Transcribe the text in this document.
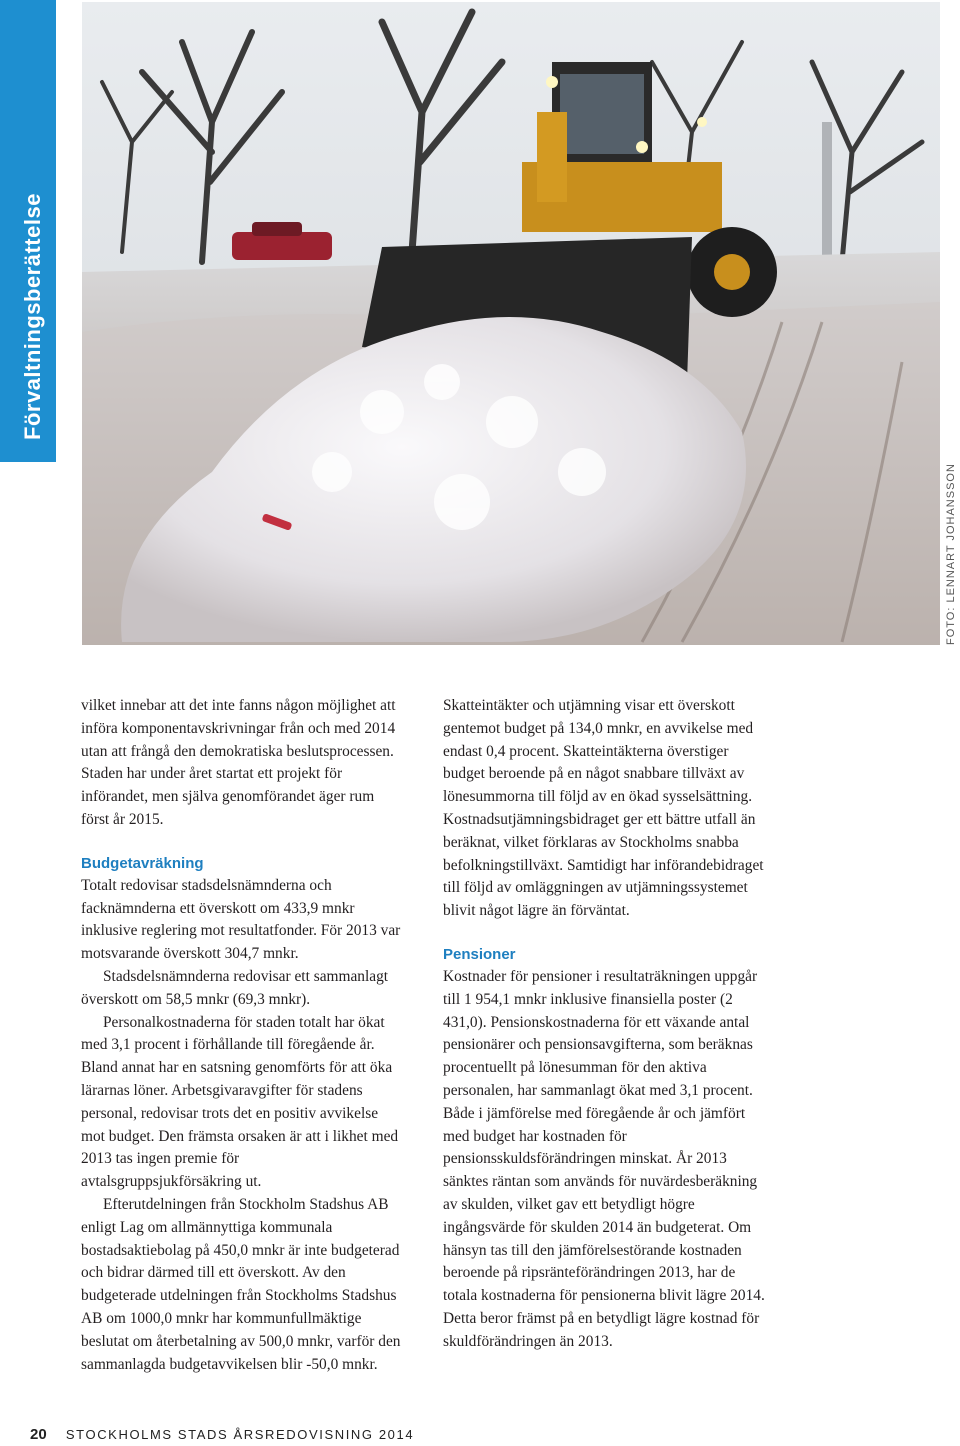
Förvaltningsberättelse
FOTO: LENNART JOHANSSON

vilket innebar att det inte fanns någon möjlighet att införa komponentavskrivningar från och med 2014 utan att frångå den demokratiska beslutsprocessen. Staden har under året startat ett projekt för införandet, men själva genomförandet äger rum först år 2015.

Budgetavräkning

Totalt redovisar stadsdelsnämnderna och facknämnderna ett överskott om 433,9 mnkr inklusive reglering mot resultatfonder. För 2013 var motsvarande överskott 304,7 mnkr.

Stadsdelsnämnderna redovisar ett sammanlagt överskott om 58,5 mnkr (69,3 mnkr).

Personalkostnaderna för staden totalt har ökat med 3,1 procent i förhållande till föregående år. Bland annat har en satsning genomförts för att öka lärarnas löner. Arbetsgivaravgifter för stadens personal, redovisar trots det en positiv avvikelse mot budget. Den främsta orsaken är att i likhet med 2013 tas ingen premie för avtalsgruppsjukförsäkring ut.

Efterutdelningen från Stockholm Stadshus AB enligt Lag om allmännyttiga kommunala bostadsaktiebolag på 450,0 mnkr är inte budgeterad och bidrar därmed till ett överskott. Av den budgeterade utdelningen från Stockholms Stadshus AB om 1000,0 mnkr har kommunfullmäktige beslutat om återbetalning av 500,0 mnkr, varför den sammanlagda budgetavvikelsen blir -50,0 mnkr.

Skatteintäkter och utjämning visar ett överskott gentemot budget på 134,0 mnkr, en avvikelse med endast 0,4 procent. Skatteintäkterna överstiger budget beroende på en något snabbare tillväxt av lönesummorna till följd av en ökad sysselsättning. Kostnadsutjämningsbidraget ger ett bättre utfall än beräknat, vilket förklaras av Stockholms snabba befolkningstillväxt. Samtidigt har införandebidraget till följd av omläggningen av utjämningssystemet blivit något lägre än förväntat.

Pensioner

Kostnader för pensioner i resultaträkningen uppgår till 1 954,1 mnkr inklusive finansiella poster (2 431,0). Pensionskostnaderna för ett växande antal pensionärer och pensionsavgifterna, som beräknas procentuellt på lönesumman för den aktiva personalen, har sammanlagt ökat med 3,1 procent. Både i jämförelse med föregående år och jämfört med budget har kostnaden för pensionsskuldsförändringen minskat. År 2013 sänktes räntan som används för nuvärdesberäkning av skulden, vilket gav ett betydligt högre ingångsvärde för skulden 2014 än budgeterat. Om hänsyn tas till den jämförelsestörande kostnaden beroende på ripsränteförändringen 2013, har de totala kostnaderna för pensionerna blivit lägre 2014. Detta beror främst på en betydligt lägre kostnad för skuldförändringen än 2013.

20 STOCKHOLMS STADS ÅRSREDOVISNING 2014
